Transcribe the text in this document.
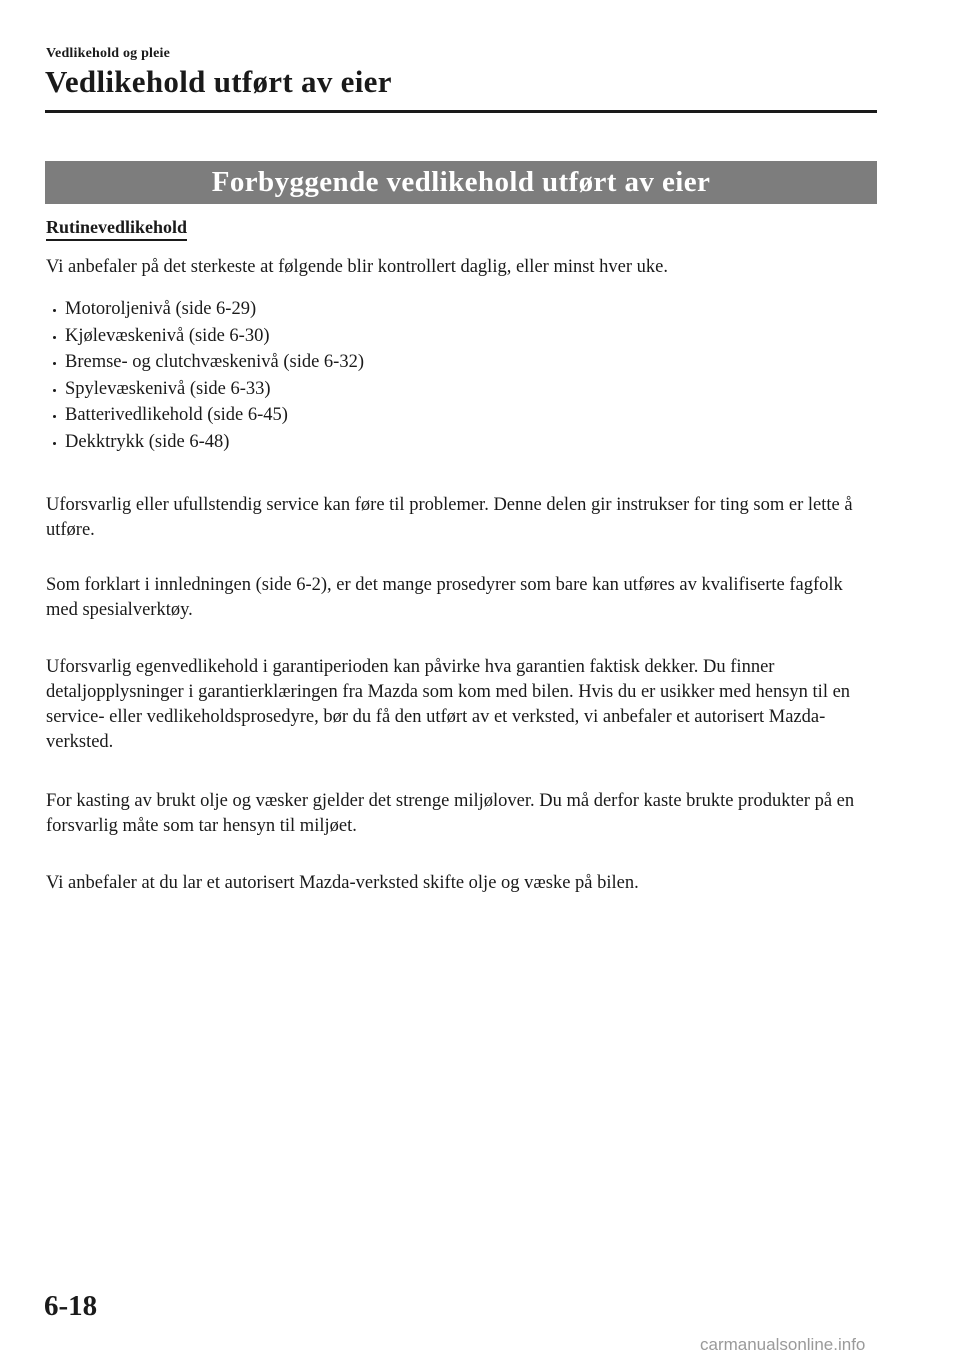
Vedlikehold og pleie
Vedlikehold utført av eier
Forbyggende vedlikehold utført av eier
Rutinevedlikehold

Vi anbefaler på det sterkeste at følgende blir kontrollert daglig, eller minst hver uke.

Motoroljenivå (side 6-29)
Kjølevæskenivå (side 6-30)
Bremse- og clutchvæskenivå (side 6-32)
Spylevæskenivå (side 6-33)
Batterivedlikehold (side 6-45)
Dekktrykk (side 6-48)

Uforsvarlig eller ufullstendig service kan føre til problemer. Denne delen gir instrukser for ting som er lette å utføre.

Som forklart i innledningen (side 6-2), er det mange prosedyrer som bare kan utføres av kvalifiserte fagfolk med spesialverktøy.

Uforsvarlig egenvedlikehold i garantiperioden kan påvirke hva garantien faktisk dekker. Du finner detaljopplysninger i garantierklæringen fra Mazda som kom med bilen. Hvis du er usikker med hensyn til en service- eller vedlikeholdsprosedyre, bør du få den utført av et verksted, vi anbefaler et autorisert Mazda-verksted.

For kasting av brukt olje og væsker gjelder det strenge miljølover. Du må derfor kaste brukte produkter på en forsvarlig måte som tar hensyn til miljøet.

Vi anbefaler at du lar et autorisert Mazda-verksted skifte olje og væske på bilen.

6-18
carmanualsonline.info
